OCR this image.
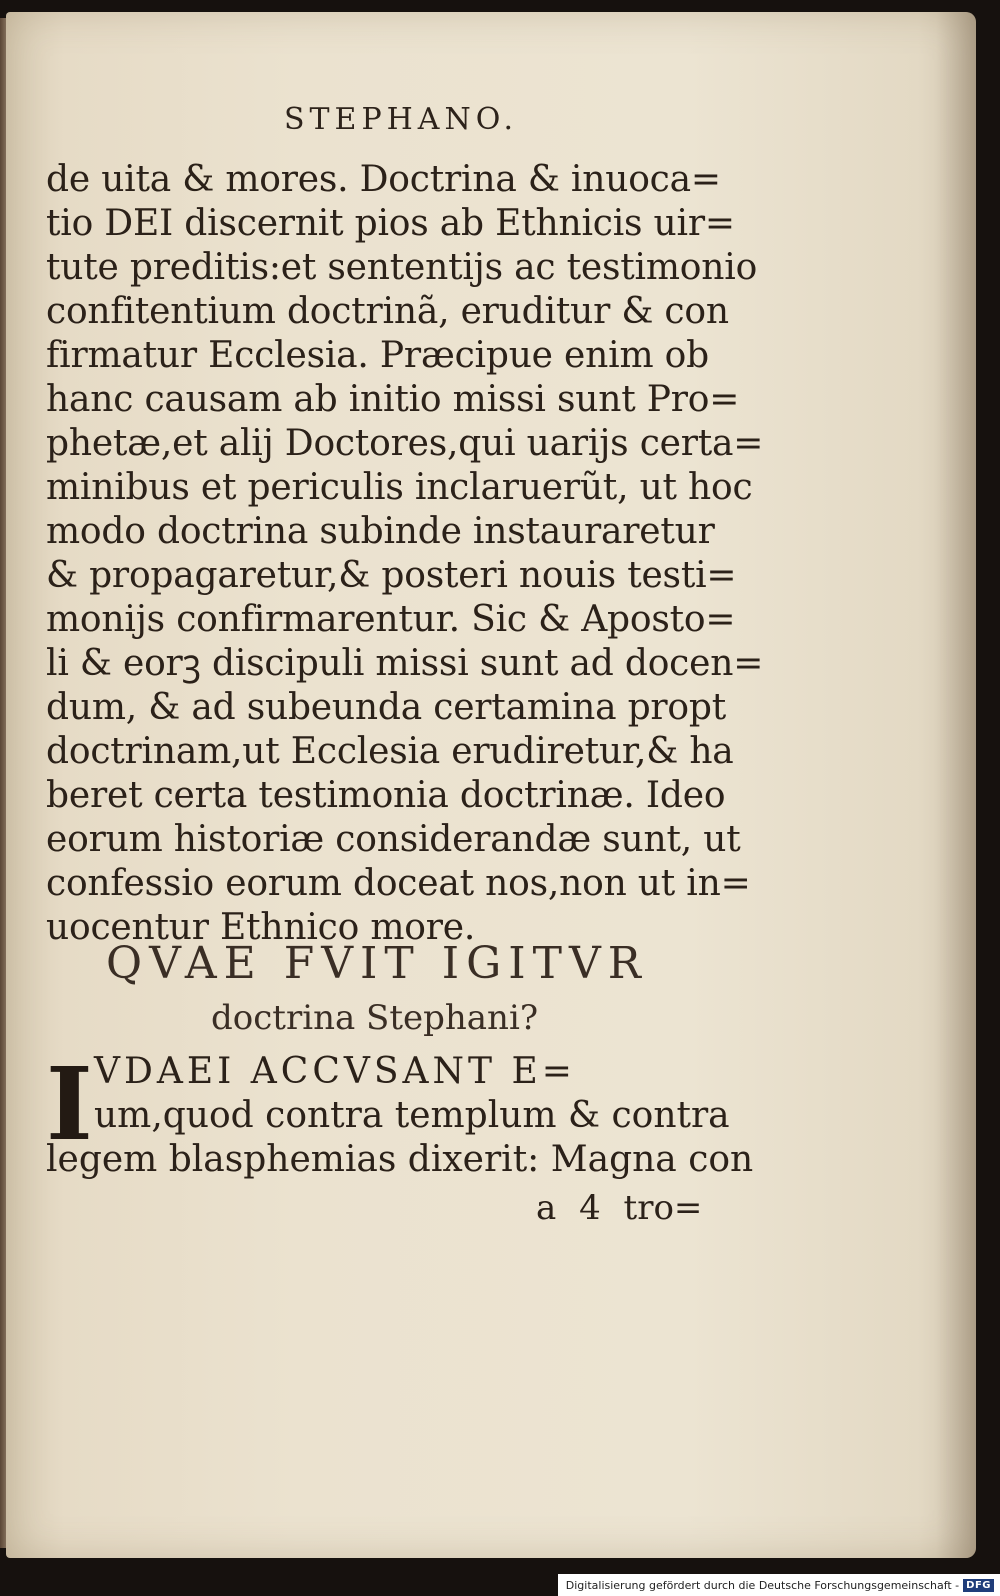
STEPHANO.
de uita & mores. Doctrina & inuoca=
tio DEI discernit pios ab Ethnicis uir=
tute preditis:et sententijs ac testimonio
confitentium doctrinã, eruditur & con
firmatur Ecclesia. Præcipue enim ob
hanc causam ab initio missi sunt Pro=
phetæ,et alij Doctores,qui uarijs certa=
minibus et periculis inclaruerũt, ut hoc
modo doctrina subinde instauraretur
& propagaretur,& posteri nouis testi=
monijs confirmarentur. Sic & Aposto=
li & eorꝫ discipuli missi sunt ad docen=
dum, & ad subeunda certamina propt
doctrinam,ut Ecclesia erudiretur,& ha
beret certa testimonia doctrinæ. Ideo
eorum historiæ considerandæ sunt, ut
confessio eorum doceat nos,non ut in=
uocentur Ethnico more.
QVAE FVIT IGITVR
doctrina Stephani?
I VDAEI ACCVSANT E=
um,quod contra templum & contra
legem blasphemias dixerit: Magna con
a 4 tro=
Digitalisierung gefördert durch die Deutsche Forschungsgemeinschaft - DFG
